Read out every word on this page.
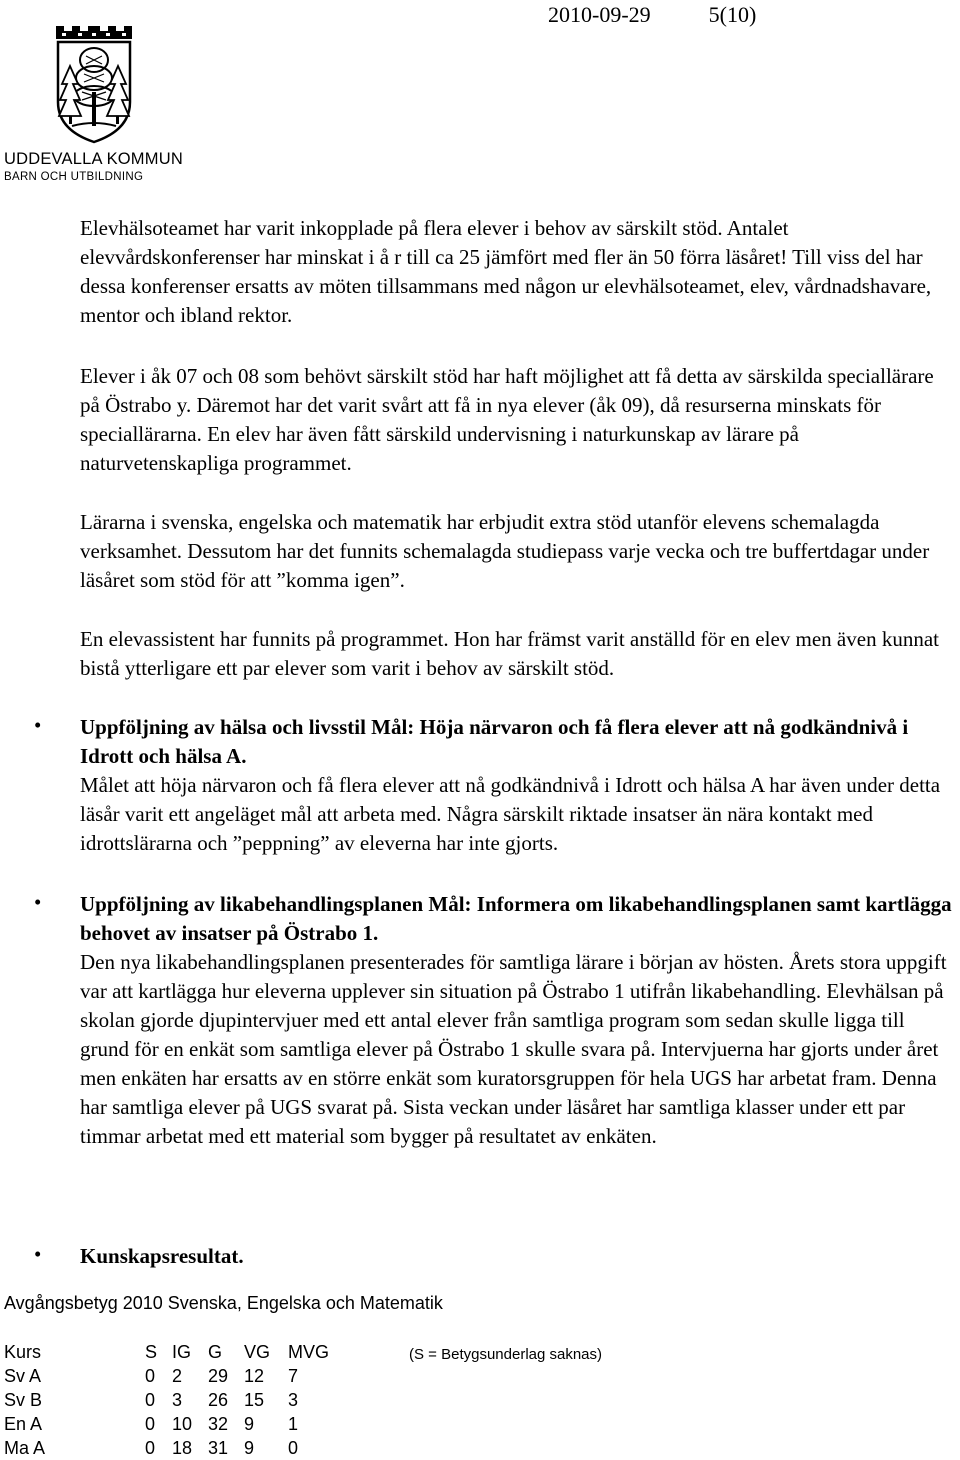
2010-09-29	5(10)
UDDEVALLA KOMMUN
BARN OCH UTBILDNING

Elevhälsoteamet har varit inkopplade på flera elever i behov av särskilt stöd. Antalet elevvårdskonferenser har minskat i å r till ca 25 jämfört med fler än 50 förra läsåret! Till viss del har dessa konferenser ersatts av möten tillsammans med någon ur elevhälsoteamet, elev, vårdnadshavare, mentor och ibland rektor.

Elever i åk 07 och 08 som behövt särskilt stöd har haft möjlighet att få detta av särskilda speciallärare på Östrabo y. Däremot har det varit svårt att få in nya elever (åk 09), då resurserna minskats för speciallärarna. En elev har även fått särskild undervisning i naturkunskap av lärare på naturvetenskapliga programmet.

Lärarna i svenska, engelska och matematik har erbjudit extra stöd utanför elevens schemalagda verksamhet. Dessutom har det funnits schemalagda studiepass varje vecka och tre buffertdagar under läsåret som stöd för att ”komma igen”.

En elevassistent har funnits på programmet. Hon har främst varit anställd för en elev men även kunnat bistå ytterligare ett par elever som varit i behov av särskilt stöd.

• Uppföljning av hälsa och livsstil Mål: Höja närvaron och få flera elever att nå godkändnivå i Idrott och hälsa A.
Målet att höja närvaron och få flera elever att nå godkändnivå i Idrott och hälsa A har även under detta läsår varit ett angeläget mål att arbeta med. Några särskilt riktade insatser än nära kontakt med idrottslärarna och ”peppning” av eleverna har inte gjorts.
• Uppföljning av likabehandlingsplanen Mål: Informera om likabehandlingsplanen samt kartlägga behovet av insatser på Östrabo 1.
Den nya likabehandlingsplanen presenterades för samtliga lärare i början av hösten. Årets stora uppgift var att kartlägga hur eleverna upplever sin situation på Östrabo 1 utifrån likabehandling. Elevhälsan på skolan gjorde djupintervjuer med ett antal elever från samtliga program som sedan skulle ligga till grund för en enkät som samtliga elever på Östrabo 1 skulle svara på. Intervjuerna har gjorts under året men enkäten har ersatts av en större enkät som kuratorsgruppen för hela UGS har arbetat fram. Denna har samtliga elever på UGS svarat på. Sista veckan under läsåret har samtliga klasser under ett par timmar arbetat med ett material som bygger på resultatet av enkäten.
• Kunskapsresultat.
Avgångsbetyg 2010 Svenska, Engelska och Matematik
Kurs	S	IG	G	VG	MVG
Sv A	0	2	29	12	7
Sv B	0	3	26	15	3
En A	0	10	32	9	1
Ma A	0	18	31	9	0
(S = Betygsunderlag saknas)
